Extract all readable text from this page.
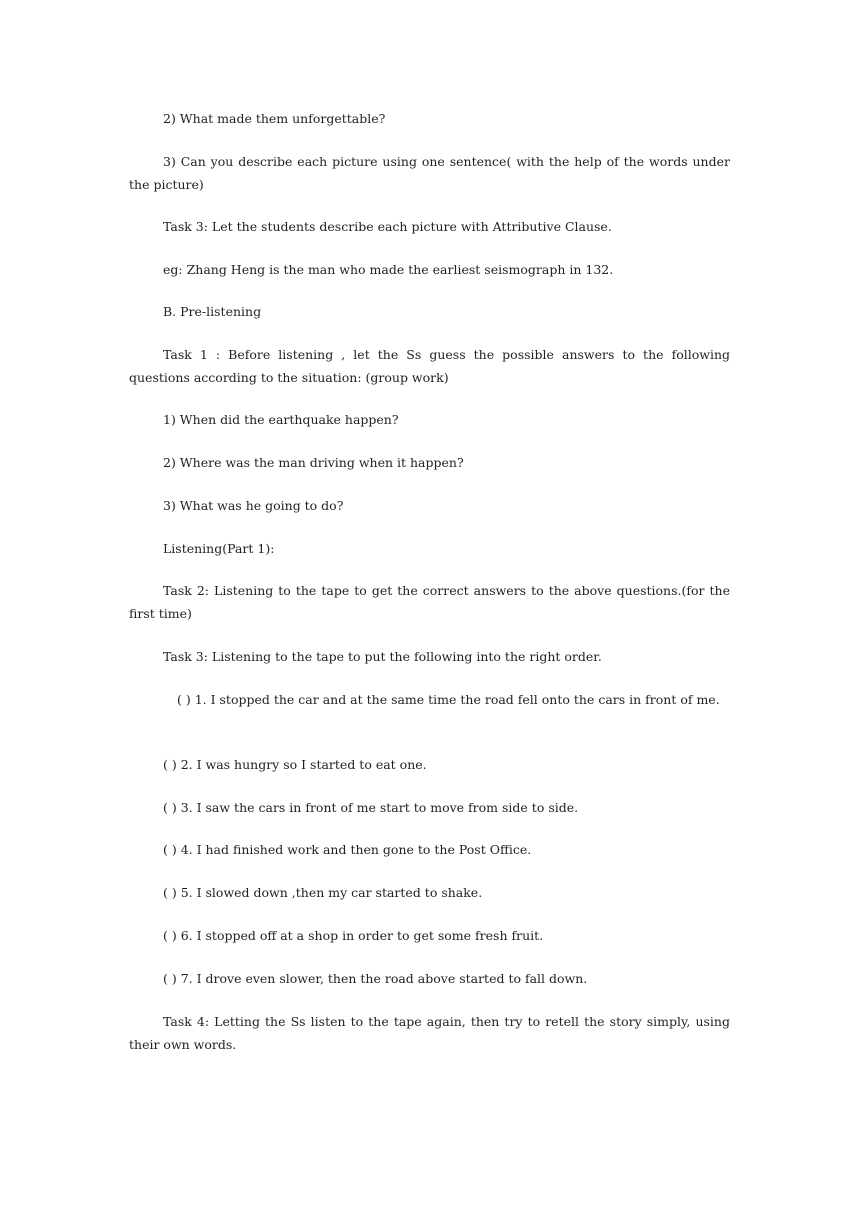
2) What made them unforgettable?

3) Can you describe each picture using one sentence( with the help of the words under the picture)

Task 3: Let the students describe each picture with Attributive Clause.

eg: Zhang Heng is the man who made the earliest seismograph in 132.

B. Pre-listening

Task 1 : Before listening , let the Ss guess the possible answers to the following questions according to the situation: (group work)

1) When did the earthquake happen?

2) Where was the man driving when it happen?

3) What was he going to do?

Listening(Part 1):

Task 2: Listening to the tape to get the correct answers to the above questions.(for the first time)

Task 3: Listening to the tape to put the following into the right order.

( ) 1. I stopped the car and at the same time the road fell onto the cars in front of me.

( ) 2. I was hungry so I started to eat one.

( ) 3. I saw the cars in front of me start to move from side to side.

( ) 4. I had finished work and then gone to the Post Office.

( ) 5. I slowed down ,then my car started to shake.

( ) 6. I stopped off at a shop in order to get some fresh fruit.

( ) 7. I drove even slower, then the road above started to fall down.

Task 4: Letting the Ss listen to the tape again, then try to retell the story simply, using their own words.
